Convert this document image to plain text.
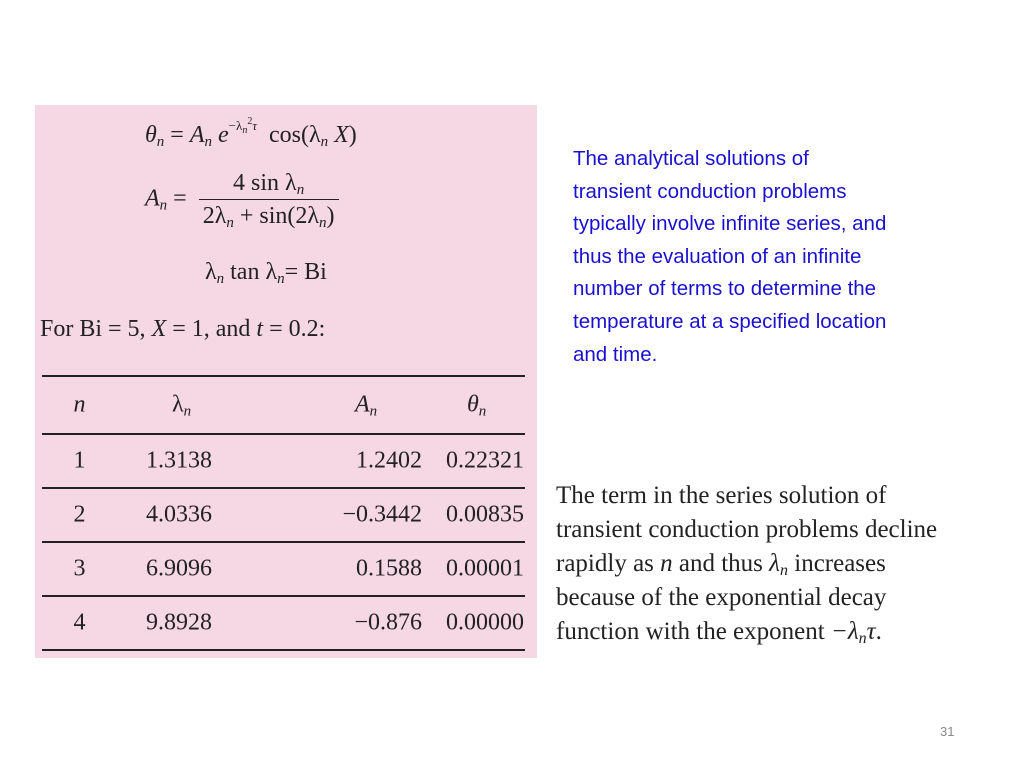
$\theta_n = A_n$ $e^{-\lambda_n^2\tau}$  $\cos(\lambda_n$ X)
$A_n = \frac{4 \sin \lambda_n}{2\lambda_n + \sin(2\lambda_n)}$
$\lambda_n$ $\tan \lambda_n= Bi$
For Bi = 5, X = 1, and t = 0.2:
n	$\lambda_n$	$A_n$	$\theta_n$
1	1.3138	1.2402	0.22321
2	4.0336	−0.3442	0.00835
3	6.9096	0.1588	0.00001
4	9.8928	−0.876	0.00000
The analytical solutions of
transient conduction problems
typically involve infinite series, and
thus the evaluation of an infinite
number of terms to determine the
temperature at a specified location
and time.
The term in the series solution of
transient conduction problems decline
rapidly as n and thus $\lambda_n$ increases
because of the exponential decay
function with the exponent $-\lambda_n\tau$.
31
